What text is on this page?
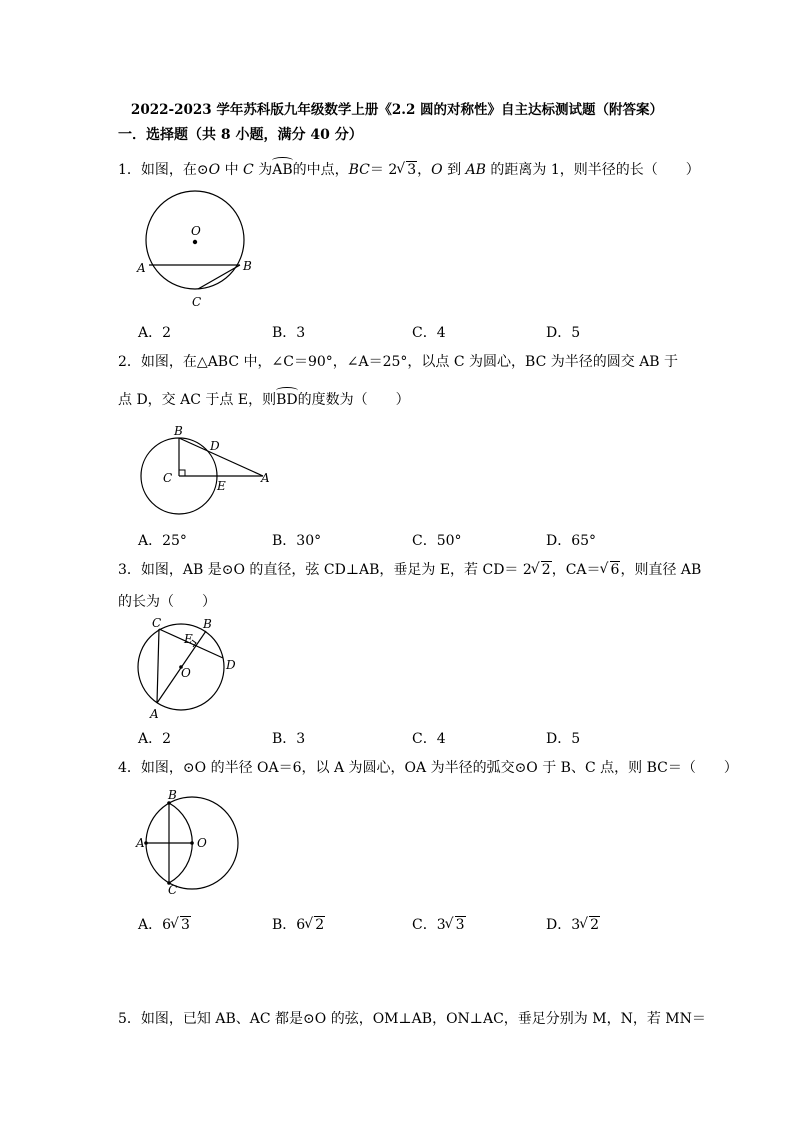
2022-2023 学年苏科版九年级数学上册《2.2 圆的对称性》自主达标测试题（附答案）
一．选择题（共 8 小题，满分 40 分）
1．如图，在⊙O 中 C 为AB的中点，BC＝ 2 √ 3，O 到 AB 的距离为 1，则半径的长（　　）
O
A	B
C
A．2	B．3	C．4	D．5
2．如图，在△ABC 中，∠C＝90°，∠A＝25°，以点 C 为圆心，BC 为半径的圆交 AB 于
点 D，交 AC 于点 E，则BD的度数为（　　）
B
D
C
E
A
A．25°	B．30°	C．50°	D．65°
3．如图，AB 是⊙O 的直径，弦 CD⊥AB，垂足为 E，若 CD＝ 2 √ 2，CA＝ √ 6，则直径 AB
的长为（　　）
C
E
B
D
O
A
A．2	B．3	C．4	D．5
4．如图，⊙O 的半径 OA＝6，以 A 为圆心，OA 为半径的弧交⊙O 于 B、C 点，则 BC＝（　　）
B
A	O
C
A．6 √ 3	B．6 √ 2	C．3 √ 3	D．3 √ 2
5．如图，已知 AB、AC 都是⊙O 的弦，OM⊥AB，ON⊥AC，垂足分别为 M，N，若 MN＝
